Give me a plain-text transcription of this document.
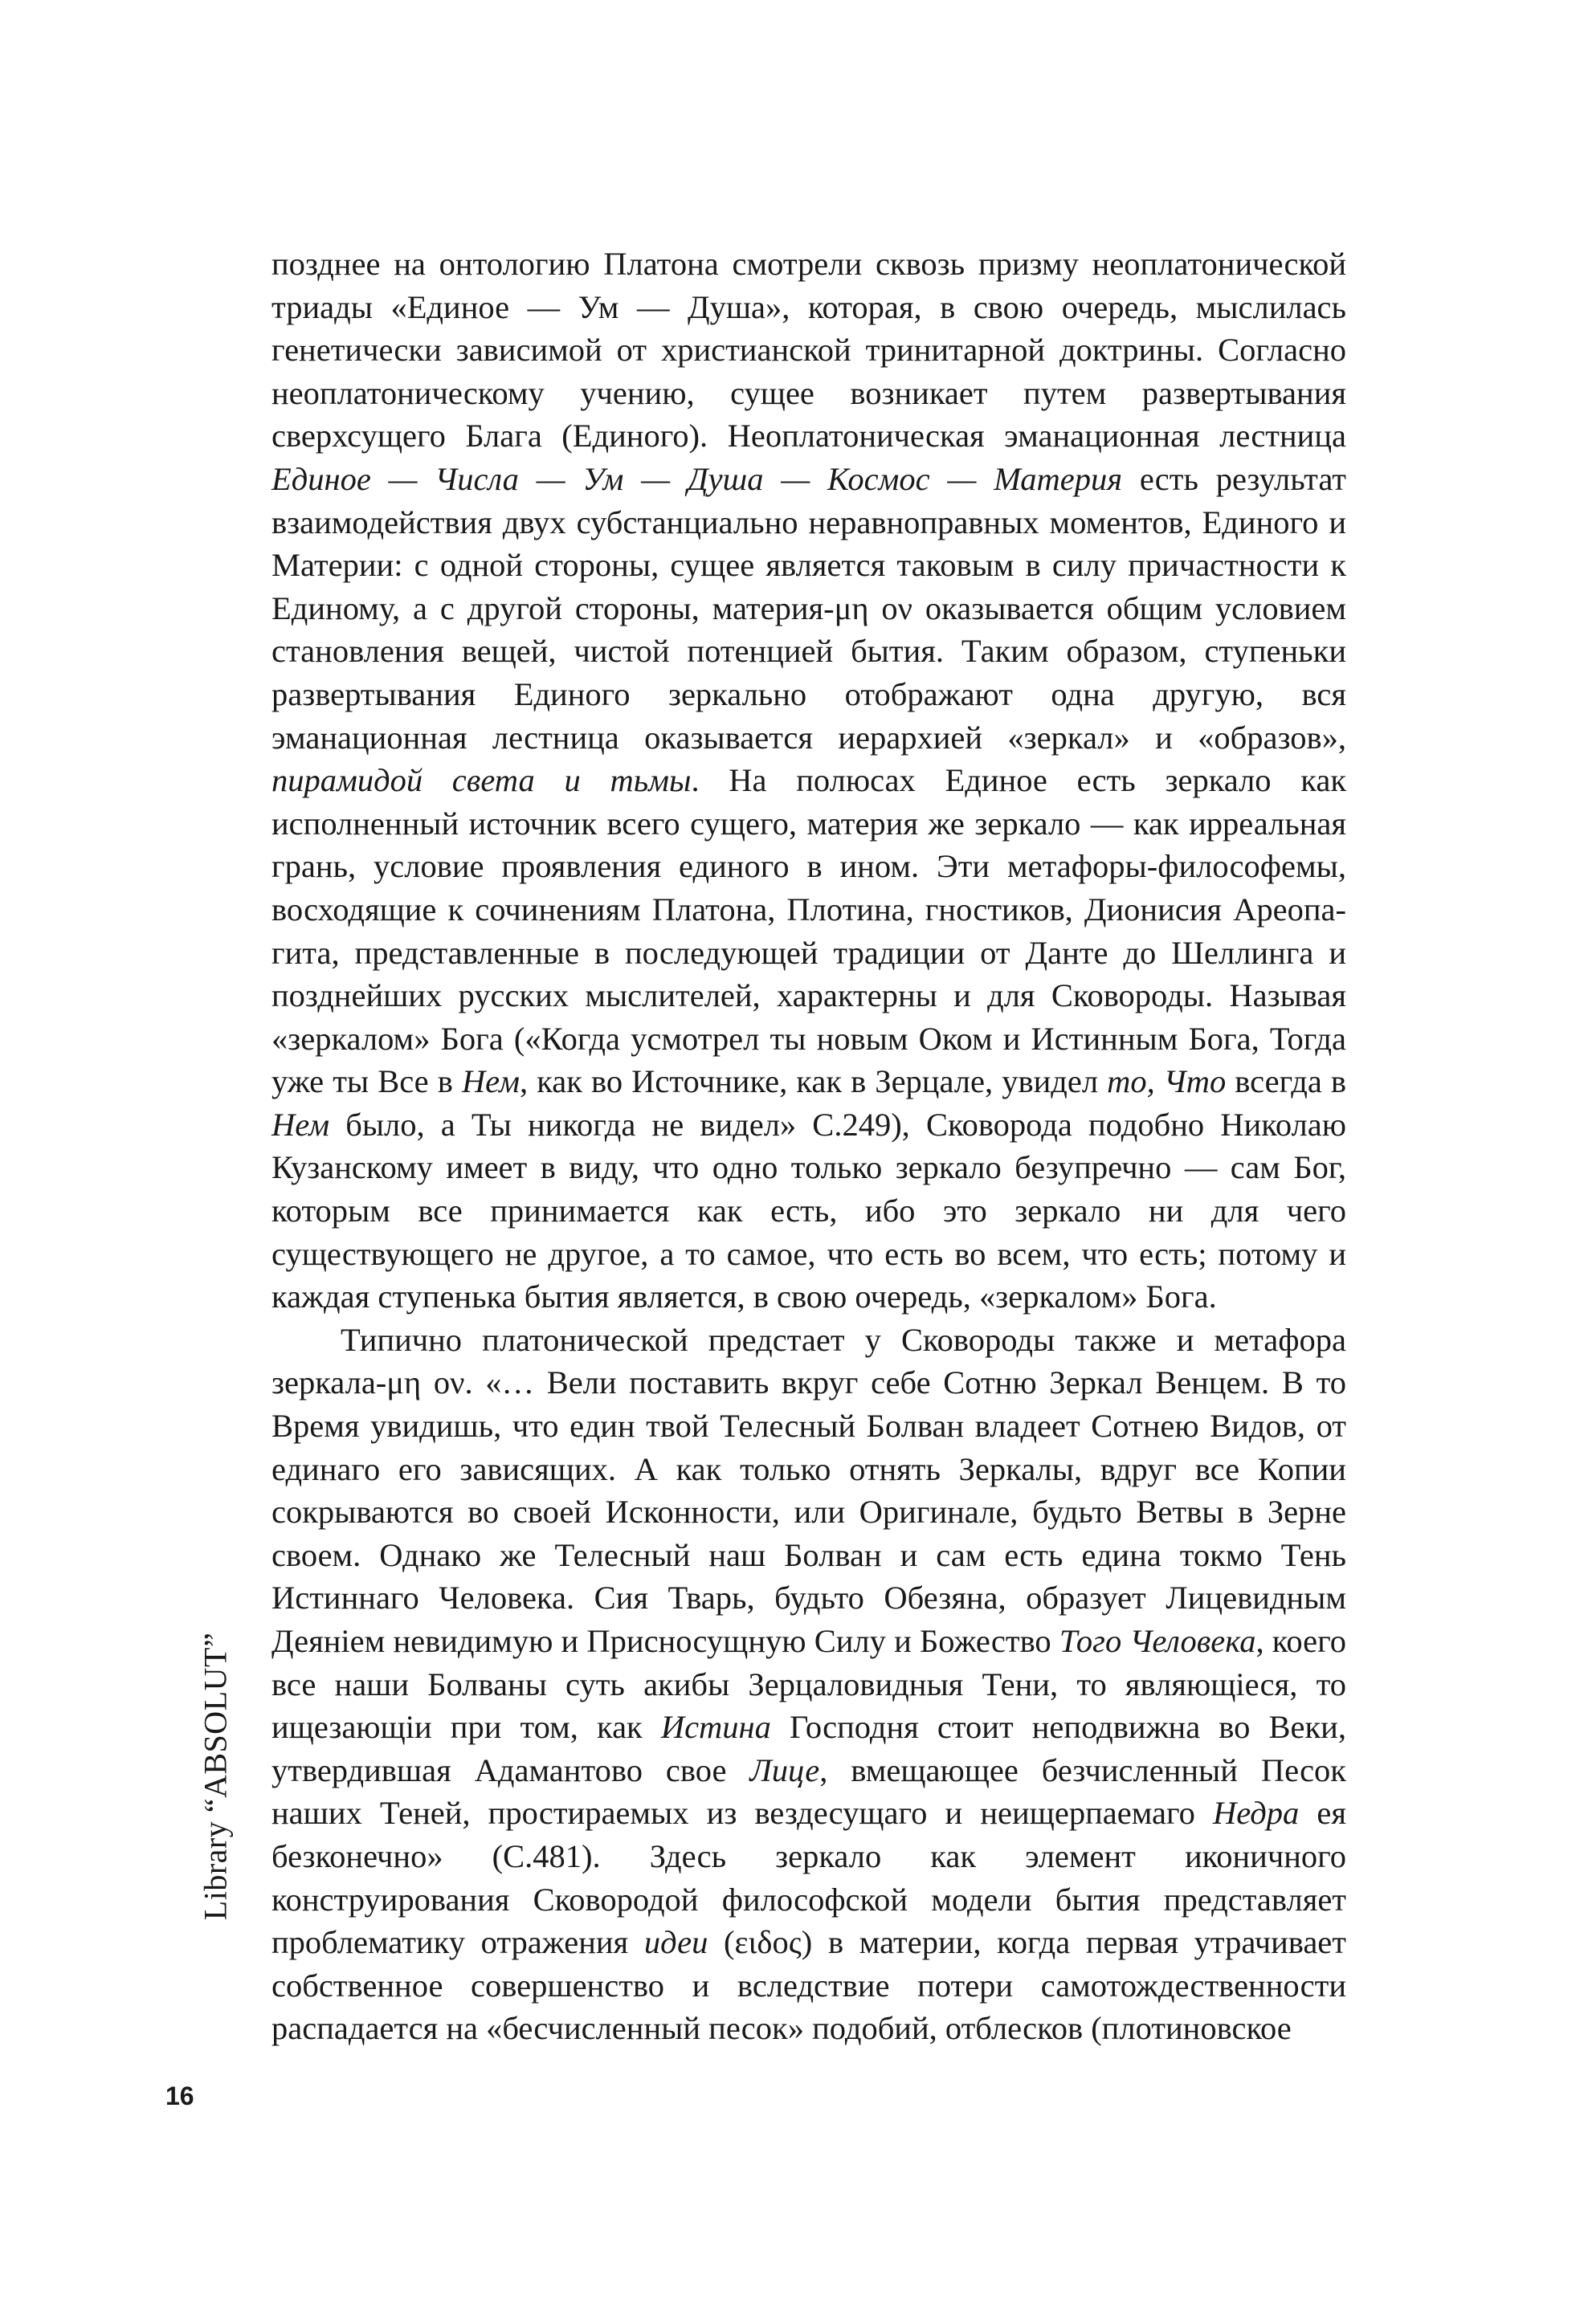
позднее на онтологию Платона смотрели сквозь призму неоплатонической триады «Единое — Ум — Душа», которая, в свою очередь, мыслилась генетически зависимой от христианской тринитарной доктрины. Согласно неоплатоническому учению, сущее возникает путем развертывания сверхсущего Блага (Единого). Неоплатоническая эманационная лестница Единое — Числа — Ум — Душа — Космос — Материя есть результат взаимодействия двух субстанциально неравноправных моментов, Единого и Материи: с одной стороны, сущее является таковым в силу причастности к Единому, а с другой стороны, материя-μη ον оказывается общим условием становления вещей, чистой потенцией бытия. Таким образом, ступеньки развертывания Единого зеркально отображают одна другую, вся эманационная лестница оказывается иерархией «зеркал» и «образов», пирамидой света и тьмы. На полюсах Единое есть зеркало как исполненный источник всего сущего, материя же зеркало — как ирреальная грань, условие проявления единого в ином. Эти метафоры-философемы, восходящие к сочинениям Платона, Плотина, гностиков, Дионисия Ареопагита, представленные в последующей традиции от Данте до Шеллинга и позднейших русских мыслителей, характерны и для Сковороды. Называя «зеркалом» Бога («Когда усмотрел ты новым Оком и Истинным Бога, Тогда уже ты Все в Нем, как во Источнике, как в Зерцале, увидел то, Что всегда в Нем было, а Ты никогда не видел» С.249), Сковорода подобно Николаю Кузанскому имеет в виду, что одно только зеркало безупречно — сам Бог, которым все принимается как есть, ибо это зеркало ни для чего существующего не другое, а то самое, что есть во всем, что есть; потому и каждая ступенька бытия является, в свою очередь, «зеркалом» Бога.

Типично платонической предстает у Сковороды также и метафора зеркала-μη ον. «… Вели поставить вкруг себе Сотню Зеркал Венцем. В то Время увидишь, что един твой Телесный Болван владеет Сотнею Видов, от единаго его зависящих. А как только отнять Зеркалы, вдруг все Копии сокрываются во своей Исконности, или Оригинале, будьто Ветвы в Зерне своем. Однако же Телесный наш Болван и сам есть едина токмо Тень Истиннаго Человека. Сия Тварь, будьто Обезяна, образует Лицевидным Деяніем невидимую и Присносущную Силу и Божество Того Человека, коего все наши Болваны суть акибы Зерцаловидныя Тени, то являющіеся, то ищезающіи при том, как Истина Господня стоит неподвижна во Веки, утвердившая Адамантово свое Лице, вмещающее безчисленный Песок наших Теней, простираемых из вездесущаго и неищерпаемаго Недра ея безконечно» (С.481). Здесь зеркало как элемент иконичного конструирования Сковородой философской модели бытия представляет проблематику отражения идеи (ειδος) в материи, когда первая утрачивает собственное совершенство и вследствие потери самотождественности распадается на «бесчисленный песок» подобий, отблесков (плотиновское

Library “ABSOLUT”
16
